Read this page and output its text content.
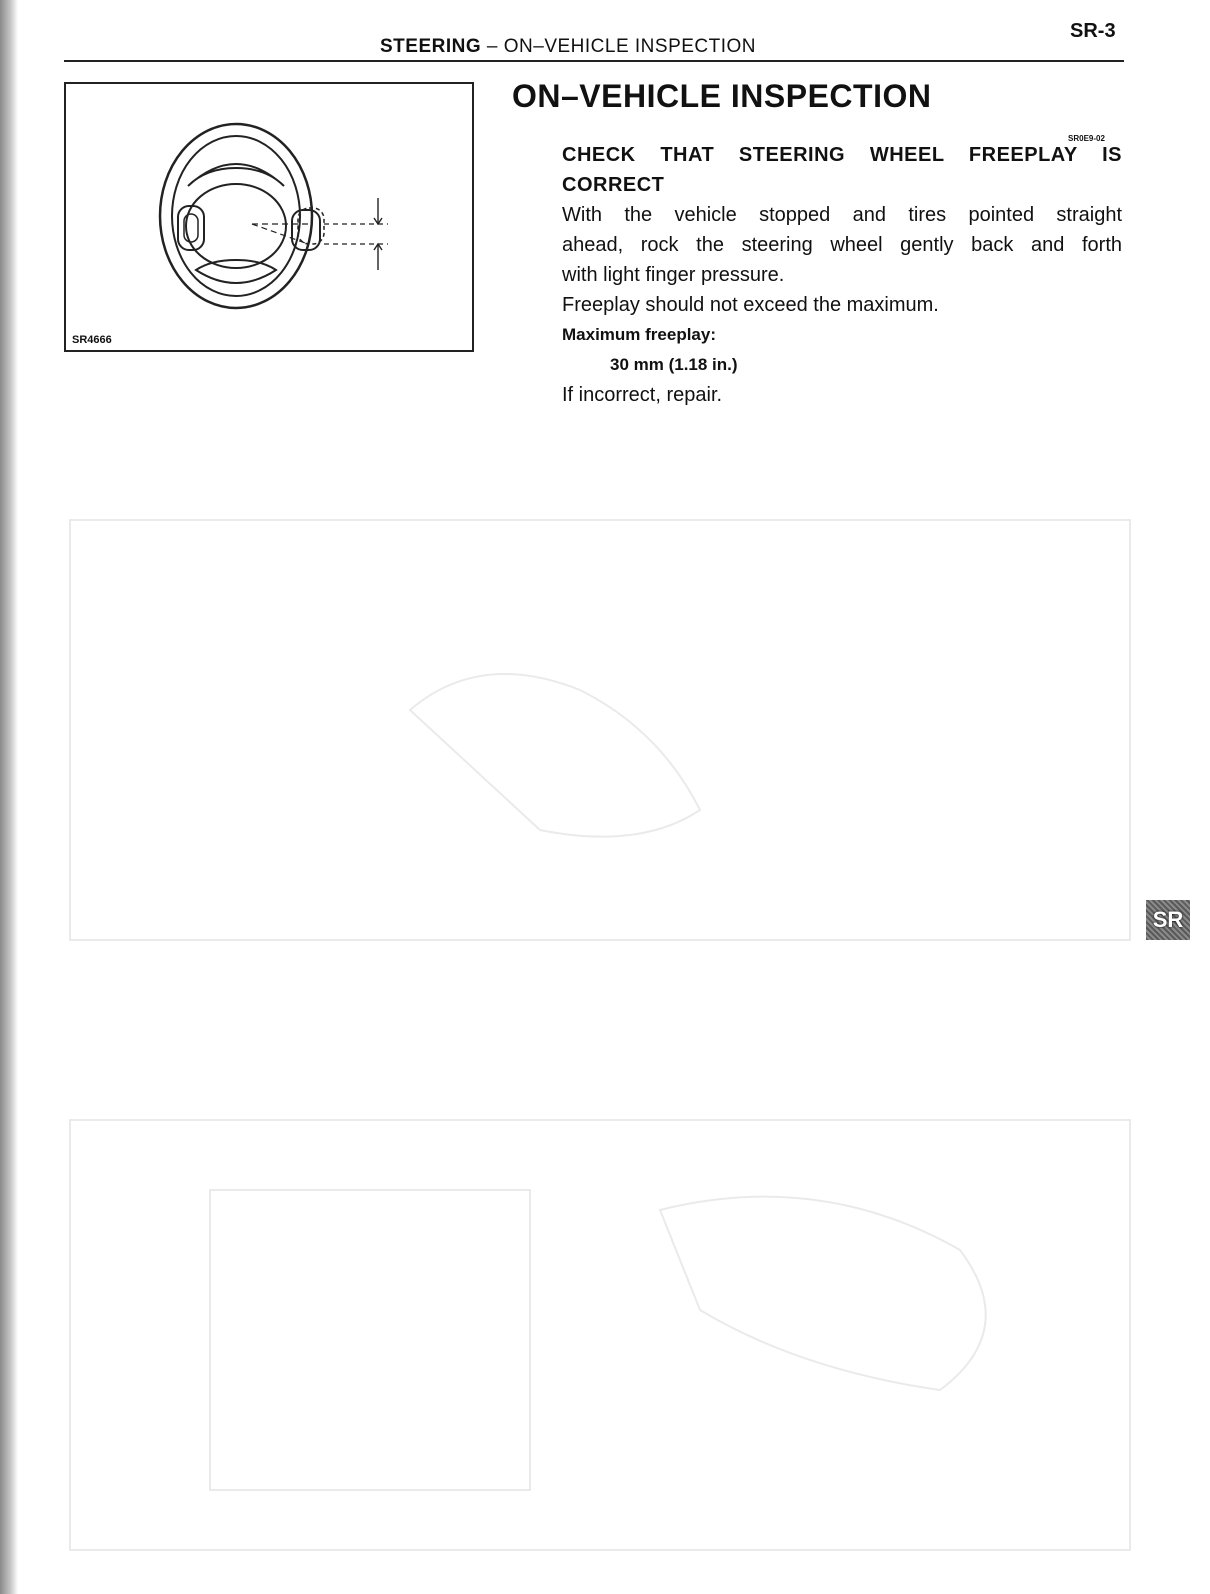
STEERING – ON–VEHICLE INSPECTION
SR-3
SR4666
ON–VEHICLE INSPECTION
SR0E9-02

CHECK THAT STEERING WHEEL FREEPLAY IS

CORRECT

With the vehicle stopped and tires pointed straight

ahead, rock the steering wheel gently back and forth

with light finger pressure.

Freeplay should not exceed the maximum.

Maximum freeplay:

30 mm (1.18 in.)

If incorrect, repair.

SR
